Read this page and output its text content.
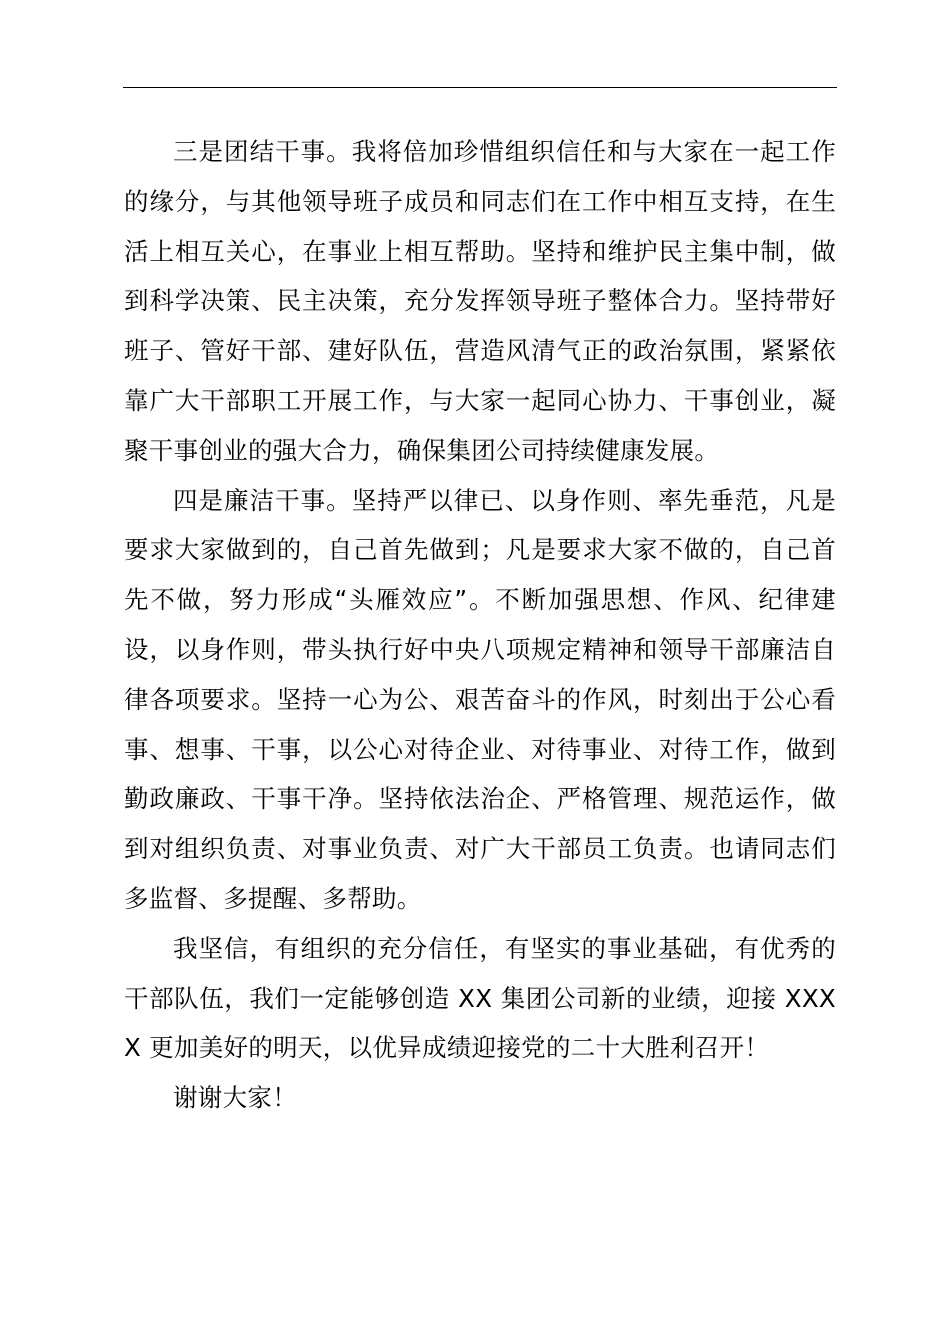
三是团结干事。我将倍加珍惜组织信任和与大家在一起工作的缘分，与其他领导班子成员和同志们在工作中相互支持，在生活上相互关心，在事业上相互帮助。坚持和维护民主集中制，做到科学决策、民主决策，充分发挥领导班子整体合力。坚持带好班子、管好干部、建好队伍，营造风清气正的政治氛围，紧紧依靠广大干部职工开展工作，与大家一起同心协力、干事创业，凝聚干事创业的强大合力，确保集团公司持续健康发展。

四是廉洁干事。坚持严以律已、以身作则、率先垂范，凡是要求大家做到的，自己首先做到；凡是要求大家不做的，自己首先不做，努力形成“头雁效应”。不断加强思想、作风、纪律建设，以身作则，带头执行好中央八项规定精神和领导干部廉洁自律各项要求。坚持一心为公、艰苦奋斗的作风，时刻出于公心看事、想事、干事，以公心对待企业、对待事业、对待工作，做到勤政廉政、干事干净。坚持依法治企、严格管理、规范运作，做到对组织负责、对事业负责、对广大干部员工负责。也请同志们多监督、多提醒、多帮助。

我坚信，有组织的充分信任，有坚实的事业基础，有优秀的干部队伍，我们一定能够创造 XX 集团公司新的业绩，迎接 XXXX 更加美好的明天，以优异成绩迎接党的二十大胜利召开！

谢谢大家！
